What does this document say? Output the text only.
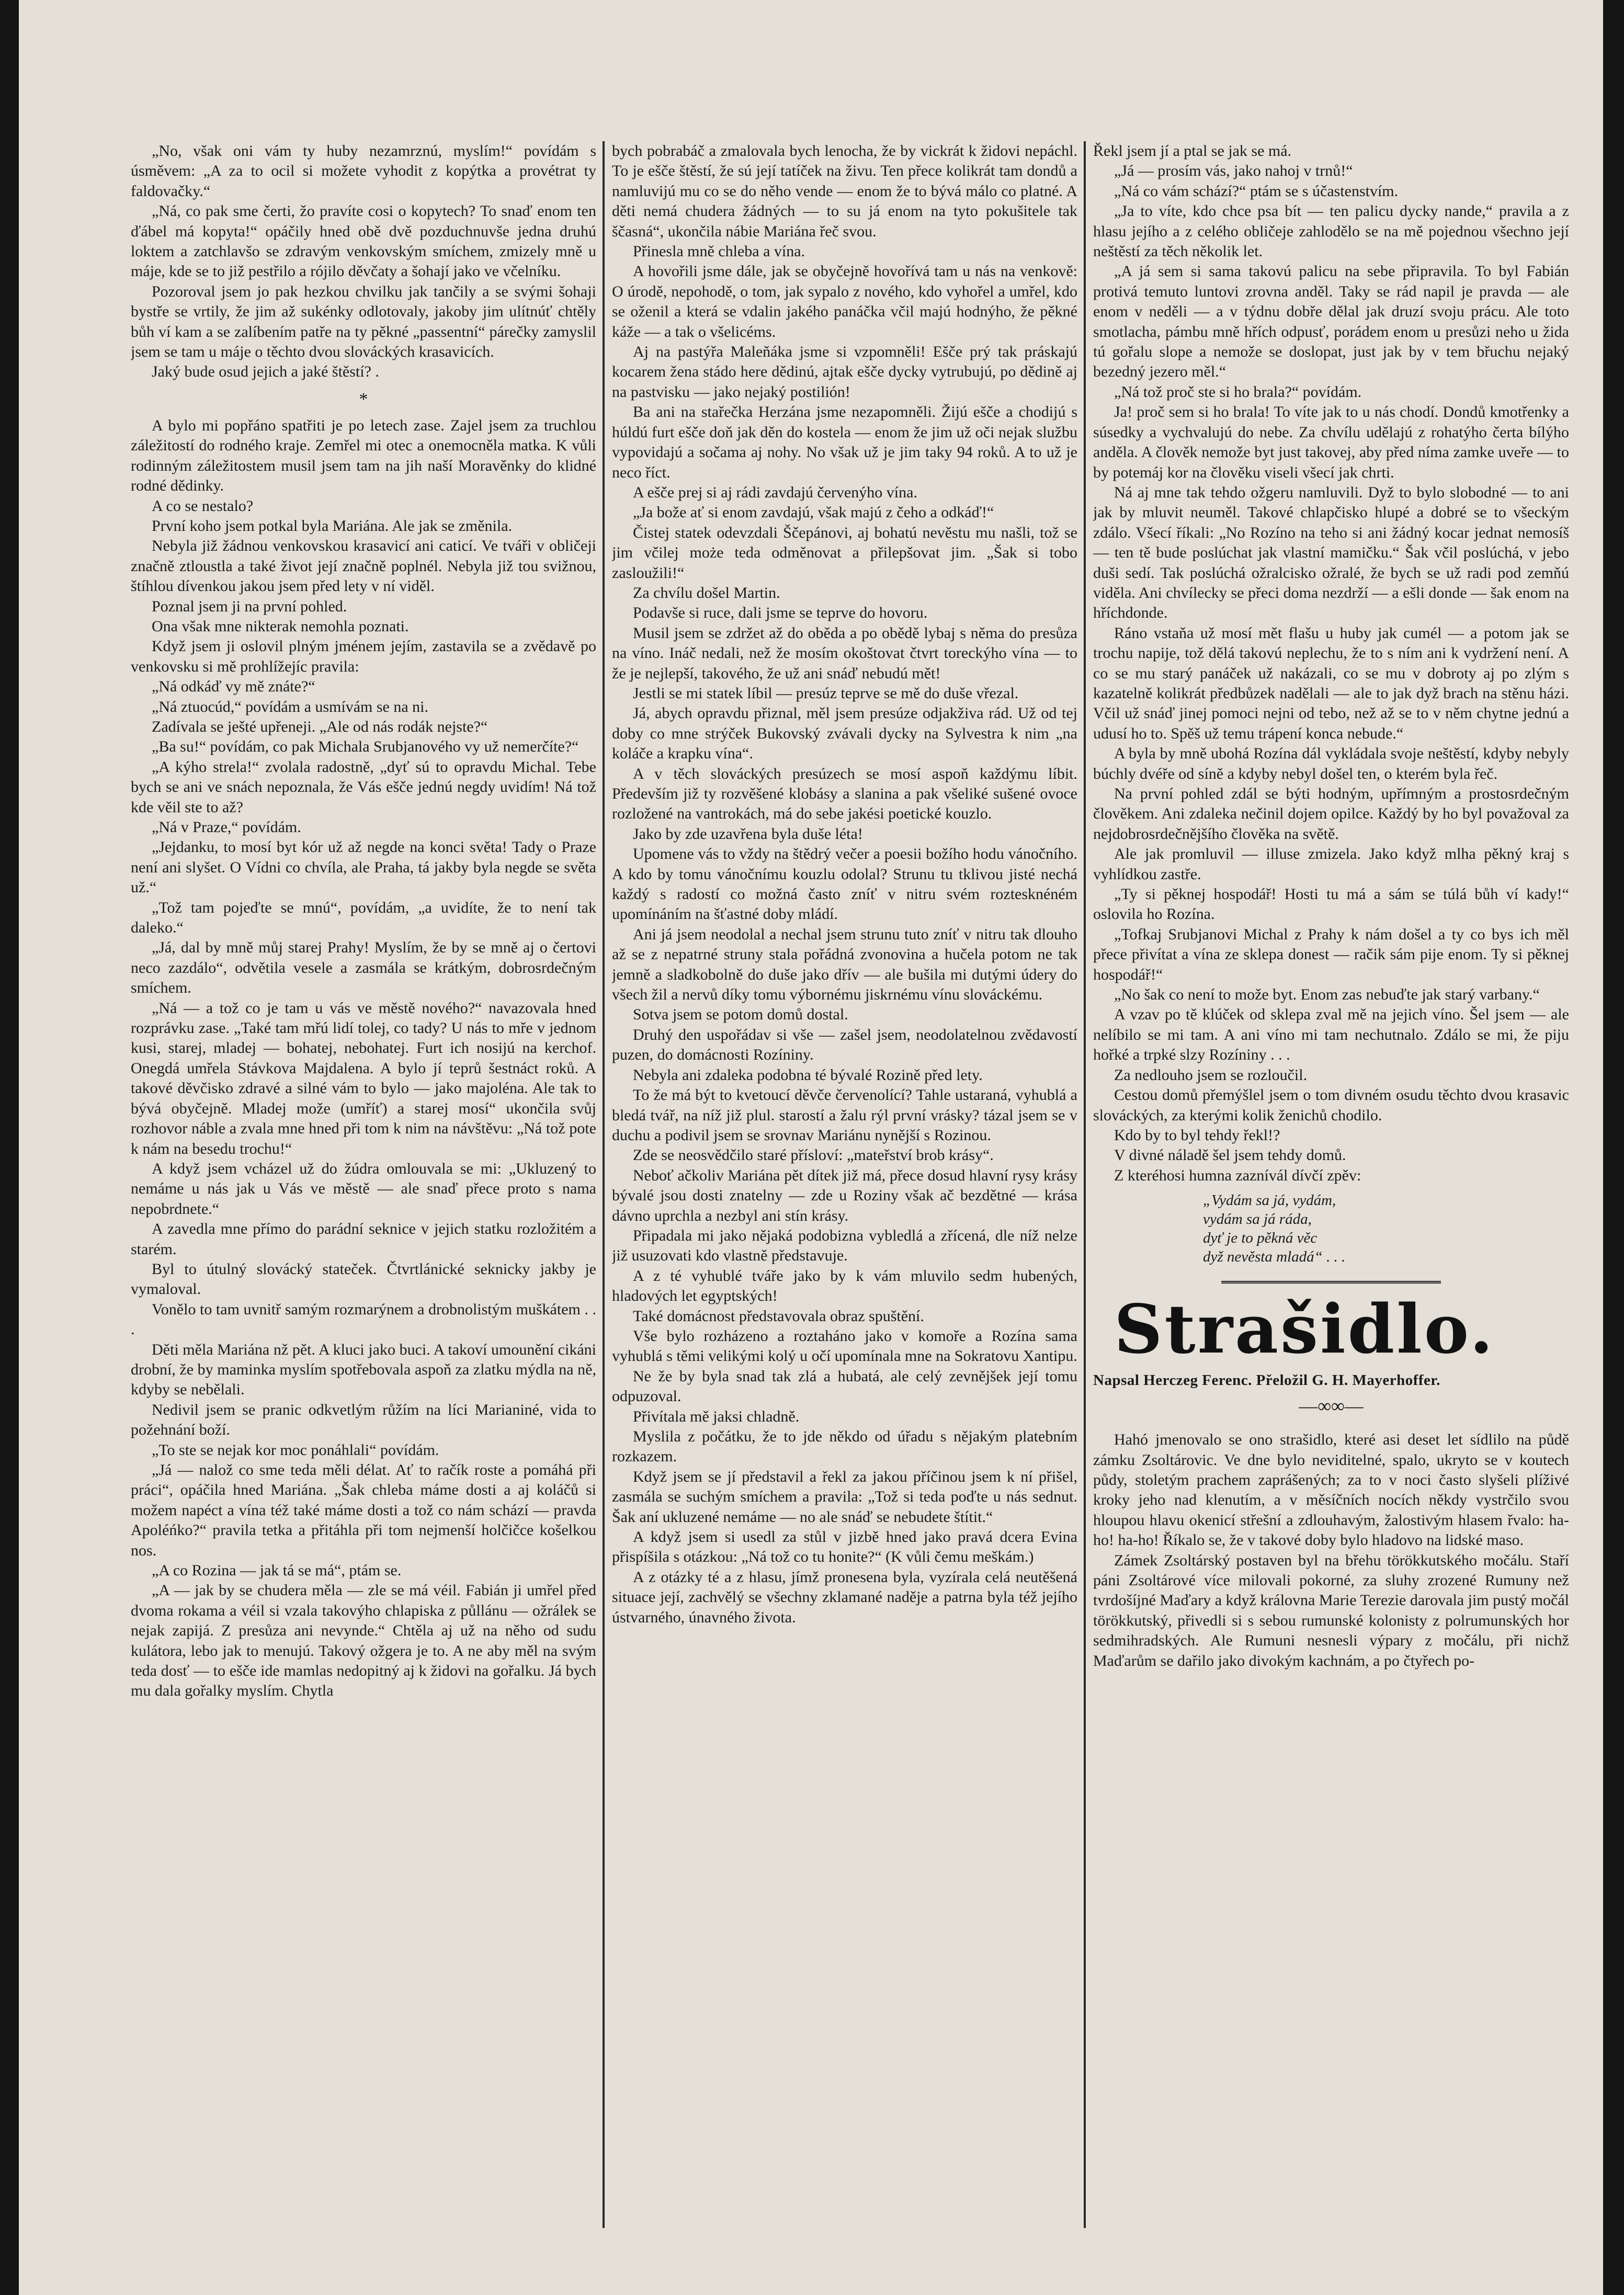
„No, však oni vám ty huby nezamrznú, myslím!“ povídám s úsměvem: „A za to ocil si možete vyhodit z kopýtka a provétrat ty faldovačky.“

„Ná, co pak sme čerti, žo pravíte cosi o kopytech? To snaď enom ten ďábel má kopyta!“ opáčily hned obě dvě pozduchnuvše jedna druhú loktem a zatchlavšo se zdravým venkovským smíchem, zmizely mně u máje, kde se to již pestřilo a rójilo děvčaty a šohají jako ve včelníku.

Pozoroval jsem jo pak hezkou chvilku jak tančily a se svými šohaji bystře se vrtily, že jim až sukénky odlotovaly, jakoby jim ulítnúť chtěly bůh ví kam a se zalíbením patře na ty pěkné „passentní“ párečky zamyslil jsem se tam u máje o těchto dvou slováckých krasavicích.

Jaký bude osud jejich a jaké štěstí? .

*

A bylo mi popřáno spatřiti je po letech zase. Zajel jsem za truchlou záležitostí do rodného kraje. Zemřel mi otec a onemocněla matka. K vůli rodinným záležitostem musil jsem tam na jih naší Moravěnky do klidné rodné dědinky.

A co se nestalo?

První koho jsem potkal byla Mariána. Ale jak se změnila.

Nebyla již žádnou venkovskou krasavicí ani caticí. Ve tváři v obličeji značně ztloustla a také život její značně poplnél. Nebyla již tou svižnou, štíhlou dívenkou jakou jsem před lety v ní viděl.

Poznal jsem ji na první pohled.

Ona však mne nikterak nemohla poznati.

Když jsem ji oslovil plným jménem jejím, zastavila se a zvědavě po venkovsku si mě prohlížejíc pravila:

„Ná odkáď vy mě znáte?“

„Ná ztuocúd,“ povídám a usmívám se na ni.

Zadívala se ješté upřeneji. „Ale od nás rodák nejste?“

„Ba su!“ povídám, co pak Michala Srubjanového vy už nemerčíte?“

„A kýho strela!“ zvolala radostně, „dyť sú to opravdu Michal. Tebe bych se ani ve snách nepoznala, že Vás ešče jednú negdy uvidím! Ná tož kde věil ste to až?

„Ná v Praze,“ povídám.

„Jejdanku, to mosí byt kór už až negde na konci světa! Tady o Praze není ani slyšet. O Vídni co chvíla, ale Praha, tá jakby byla negde se světa už.“

„Tož tam pojeďte se mnú“, povídám, „a uvidíte, že to není tak daleko.“

„Já, dal by mně můj starej Prahy! Myslím, že by se mně aj o čertovi neco zazdálo“, odvětila vesele a zasmála se krátkým, dobrosrdečným smíchem.

„Ná — a tož co je tam u vás ve městě nového?“ navazovala hned rozprávku zase. „Také tam mřú lidí tolej, co tady? U nás to mře v jednom kusi, starej, mladej — bohatej, nebohatej. Furt ich nosijú na kerchof. Onegdá umřela Stávkova Majdalena. A bylo jí teprů šestnáct roků. A takové děvčisko zdravé a silné vám to bylo — jako majoléna. Ale tak to bývá obyčejně. Mladej može (umříť) a starej mosí“ ukončila svůj rozhovor náble a zvala mne hned při tom k nim na návštěvu: „Ná tož pote k nám na besedu trochu!“

A když jsem vcházel už do žúdra omlouvala se mi: „Ukluzený to nemáme u nás jak u Vás ve městě — ale snaď přece proto s nama nepobrdnete.“

A zavedla mne přímo do parádní seknice v jejich statku rozložitém a starém.

Byl to útulný slovácký stateček. Čtvrtlánické seknicky jakby je vymaloval.

Vonělo to tam uvnitř samým rozmarýnem a drobnolistým muškátem . . .

Děti měla Mariána nž pět. A kluci jako buci. A takoví umounění cikáni drobní, že by maminka myslím spotřebovala aspoň za zlatku mýdla na ně, kdyby se nebělali.

Nedivil jsem se pranic odkvetlým růžím na líci Marianiné, vida to požehnání boží.

„To ste se nejak kor moc ponáhlali“ povídám.

„Já — nalož co sme teda měli délat. Ať to račík roste a pomáhá při práci“, opáčila hned Mariána. „Šak chleba máme dosti a aj koláčů si možem napéct a vína též také máme dosti a tož co nám schází — pravda Apoléńko?“ pravila tetka a přitáhla při tom nejmenší holčičce košelkou nos.

„A co Rozina — jak tá se má“, ptám se.

„A — jak by se chudera měla — zle se má véil. Fabián ji umřel před dvoma rokama a véil si vzala takovýho chlapiska z půllánu — ožrálek se nejak zapijá. Z presůza ani nevynde.“ Chtěla aj už na něho od sudu kulátora, lebo jak to menujú. Takový ožgera je to. A ne aby měl na svým teda dosť — to ešče ide mamlas nedopitný aj k židovi na gořalku. Já bych mu dala gořalky myslím. Chytla

bych pobrabáč a zmalovala bych lenocha, že by vickrát k židovi nepáchl. To je ešče štěstí, že sú její tatíček na živu. Ten přece kolikrát tam dondů a namluvijú mu co se do něho vende — enom že to bývá málo co platné. A děti nemá chudera žádných — to su já enom na tyto pokušitele tak ščasná“, ukončila nábie Mariána řeč svou.

Přinesla mně chleba a vína.

A hovořili jsme dále, jak se obyčejně hovořívá tam u nás na venkově: O úrodě, nepohodě, o tom, jak sypalo z nového, kdo vyhořel a umřel, kdo se oženil a která se vdalin jakého panáčka včil majú hodnýho, že pěkné káže — a tak o všelicéms.

Aj na pastýřa Maleňáka jsme si vzpomněli! Ešče prý tak práskajú kocarem žena stádo here dědinú, ajtak ešče dycky vytrubujú, po dědině aj na pastvisku — jako nejaký postilión!

Ba ani na stařečka Herzána jsme nezapomněli. Žijú ešče a chodijú s húldú furt ešče doň jak děn do kostela — enom že jim už oči nejak službu vypovidajú a sočama aj nohy. No však už je jim taky 94 roků. A to už je neco říct.

A ešče prej si aj rádi zavdajú červenýho vína.

„Ja bože ať si enom zavdajú, však majú z čeho a odkáď!“

Čistej statek odevzdali Ščepánovi, aj bohatú nevěstu mu našli, tož se jim včilej może teda odměnovat a přilepšovat jim. „Šak si tobo zasloužili!“

Za chvílu došel Martin.

Podavše si ruce, dali jsme se teprve do hovoru.

Musil jsem se zdržet až do oběda a po obědě lybaj s něma do presůza na víno. Ináč nedali, než že mosím okoštovat čtvrt toreckýho vína — to že je nejlepší, takového, že už ani snáď nebudú mět!

Jestli se mi statek líbil — presúz teprve se mě do duše vřezal.

Já, abych opravdu přiznal, měl jsem presúze odjakživa rád. Už od tej doby co mne strýček Bukovský zvávali dycky na Sylvestra k nim „na koláče a krapku vína“.

A v těch slováckých presúzech se mosí aspoň každýmu líbit. Především již ty rozvěšené klobásy a slanina a pak všeliké sušené ovoce rozložené na vantrokách, má do sebe jakési poetické kouzlo.

Jako by zde uzavřena byla duše léta!

Upomene vás to vždy na štědrý večer a poesii božího hodu vánočního. A kdo by tomu vánočnímu kouzlu odolal? Strunu tu tklivou jisté nechá každý s radostí co možná často zníť v nitru svém roztesknéném upomínáním na šťastné doby mládí.

Ani já jsem neodolal a nechal jsem strunu tuto zníť v nitru tak dlouho až se z nepatrné struny stala pořádná zvonovina a hučela potom ne tak jemně a sladkobolně do duše jako dřív — ale bušila mi dutými údery do všech žil a nervů díky tomu výbornému jiskrnému vínu slováckému.

Sotva jsem se potom domů dostal.

Druhý den uspořádav si vše — zašel jsem, neodolatelnou zvědavostí puzen, do domácnosti Rozíniny.

Nebyla ani zdaleka podobna té bývalé Rozině před lety.

To že má být to kvetoucí děvče červenolící? Tahle ustaraná, vyhublá a bledá tvář, na níž již plul. starostí a žalu rýl první vrásky? tázal jsem se v duchu a podivil jsem se srovnav Mariánu nynější s Rozinou.

Zde se neosvědčilo staré přísloví: „mateřství brob krásy“.

Neboť ačkoliv Mariána pět dítek již má, přece dosud hlavní rysy krásy bývalé jsou dosti znatelny — zde u Roziny však ač bezdětné — krása dávno uprchla a nezbyl ani stín krásy.

Připadala mi jako nějaká podobizna vybledlá a zřícená, dle níž nelze již usuzovati kdo vlastně představuje.

A z té vyhublé tváře jako by k vám mluvilo sedm hubených, hladových let egyptských!

Také domácnost představovala obraz spuštění.

Vše bylo rozházeno a roztaháno jako v komoře a Rozína sama vyhublá s těmi velikými kolý u očí upomínala mne na Sokratovu Xantipu.

Ne že by byla snad tak zlá a hubatá, ale celý zevnějšek její tomu odpuzoval.

Přivítala mě jaksi chladně.

Myslila z počátku, že to jde někdo od úřadu s nějakým platebním rozkazem.

Když jsem se jí představil a řekl za jakou příčinou jsem k ní přišel, zasmála se suchým smíchem a pravila: „Tož si teda poďte u nás sednut. Šak aní ukluzené nemáme — no ale snáď se nebudete štítit.“

A když jsem si usedl za stůl v jizbě hned jako pravá dcera Evina přispíšila s otázkou: „Ná tož co tu honite?“ (K vůli čemu meškám.)

A z otázky té a z hlasu, jímž pronesena byla, vyzírala celá neutěšená situace její, zachvělý se všechny zklamané naděje a patrna byla též jejího ústvarného, únavného života.

Řekl jsem jí a ptal se jak se má.

„Já — prosím vás, jako nahoj v trnů!“

„Ná co vám schází?“ ptám se s účastenstvím.

„Ja to víte, kdo chce psa bít — ten palicu dycky nande,“ pravila a z hlasu jejího a z celého obličeje zahlodělo se na mě pojednou všechno její neštěstí za těch několik let.

„A já sem si sama takovú palicu na sebe připravila. To byl Fabián protivá temuto luntovi zrovna anděl. Taky se rád napil je pravda — ale enom v neděli — a v týdnu dobře dělal jak druzí svoju prácu. Ale toto smotlacha, pámbu mně hřích odpusť, porádem enom u presůzi neho u žida tú gořalu slope a nemože se doslopat, just jak by v tem břuchu nejaký bezedný jezero měl.“

„Ná tož proč ste si ho brala?“ povídám.

Ja! proč sem si ho brala! To víte jak to u nás chodí. Dondů kmotřenky a súsedky a vychvalujú do nebe. Za chvílu udělajú z rohatýho čerta bílýho anděla. A člověk nemože byt just takovej, aby před níma zamke uveře — to by potemáj kor na člověku viseli všecí jak chrti.

Ná aj mne tak tehdo ožgeru namluvili. Dyž to bylo slobodné — to ani jak by mluvit neuměl. Takové chlapčisko hlupé a dobré se to všeckým zdálo. Všecí říkali: „No Rozíno na teho si ani žádný kocar jednat nemosíš — ten tě bude poslúchat jak vlastní mamičku.“ Šak včil poslúchá, v jebo duši sedí. Tak poslúchá ožralcisko ožralé, že bych se už radi pod zemňú viděla. Ani chvílecky se přeci doma nezdrží — a ešli donde — šak enom na hříchdonde.

Ráno vstaňa už mosí mět flašu u huby jak cumél — a potom jak se trochu napije, tož dělá takovú neplechu, že to s ním ani k vydržení není. A co se mu starý panáček už nakázali, co se mu v dobroty aj po zlým s kazatelně kolikrát předbůzek nadělali — ale to jak dyž brach na stěnu házi. Včil už snáď jinej pomoci nejni od tebo, než až se to v něm chytne jednú a udusí ho to. Spěš už temu trápení konca nebude.“

A byla by mně ubohá Rozína dál vykládala svoje neštěstí, kdyby nebyly búchly dvéře od síně a kdyby nebyl došel ten, o kterém byla řeč.

Na první pohled zdál se býti hodným, upřímným a prostosrdečným člověkem. Ani zdaleka nečinil dojem opilce. Každý by ho byl považoval za nejdobrosrdečnějšího člověka na světě.

Ale jak promluvil — illuse zmizela. Jako když mlha pěkný kraj s vyhlídkou zastře.

„Ty si pěknej hospodář! Hosti tu má a sám se túlá bůh ví kady!“ oslovila ho Rozína.

„Tofkaj Srubjanovi Michal z Prahy k nám došel a ty co bys ich měl přece přivítat a vína ze sklepa donest — račik sám pije enom. Ty si pěknej hospodář!“

„No šak co není to može byt. Enom zas nebuďte jak starý varbany.“

A vzav po tě klúček od sklepa zval mě na jejich víno. Šel jsem — ale nelíbilo se mi tam. A ani víno mi tam nechutnalo. Zdálo se mi, že piju hořké a trpké slzy Rozíniny . . .

Za nedlouho jsem se rozloučil.

Cestou domů přemýšlel jsem o tom divném osudu těchto dvou krasavic slováckých, za kterými kolik ženichů chodilo.

Kdo by to byl tehdy řekl!?

V divné náladě šel jsem tehdy domů.

Z kteréhosi humna zaznívál dívčí zpěv:

„Vydám sa já, vydám,
vydám sa já ráda,
dyť je to pěkná věc
dyž nevěsta mladá“ . . .
Strašidlo.
Napsal Herczeg Ferenc. Přeložil G. H. Mayerhoffer.
—∞∞—

Hahó jmenovalo se ono strašidlo, které asi deset let sídlilo na půdě zámku Zsoltárovic. Ve dne bylo neviditelné, spalo, ukryto se v koutech půdy, stoletým prachem zaprášených; za to v noci často slyšeli plíživé kroky jeho nad klenutím, a v měsíčních nocích někdy vystrčilo svou hloupou hlavu okenicí střešní a zdlouhavým, žalostivým hlasem řvalo: ha-ho! ha-ho! Říkalo se, že v takové doby bylo hladovo na lidské maso.

Zámek Zsoltárský postaven byl na břehu törökkutského močálu. Staří páni Zsoltárové více milovali pokorné, za sluhy zrozené Rumuny než tvrdošíjné Maďary a když královna Marie Terezie darovala jim pustý močál törökkutský, přivedli si s sebou rumunské kolonisty z polrumunských hor sedmihradských. Ale Rumuni nesnesli výpary z močálu, při nichž Maďarům se dařilo jako divokým kachnám, a po čtyřech po-
